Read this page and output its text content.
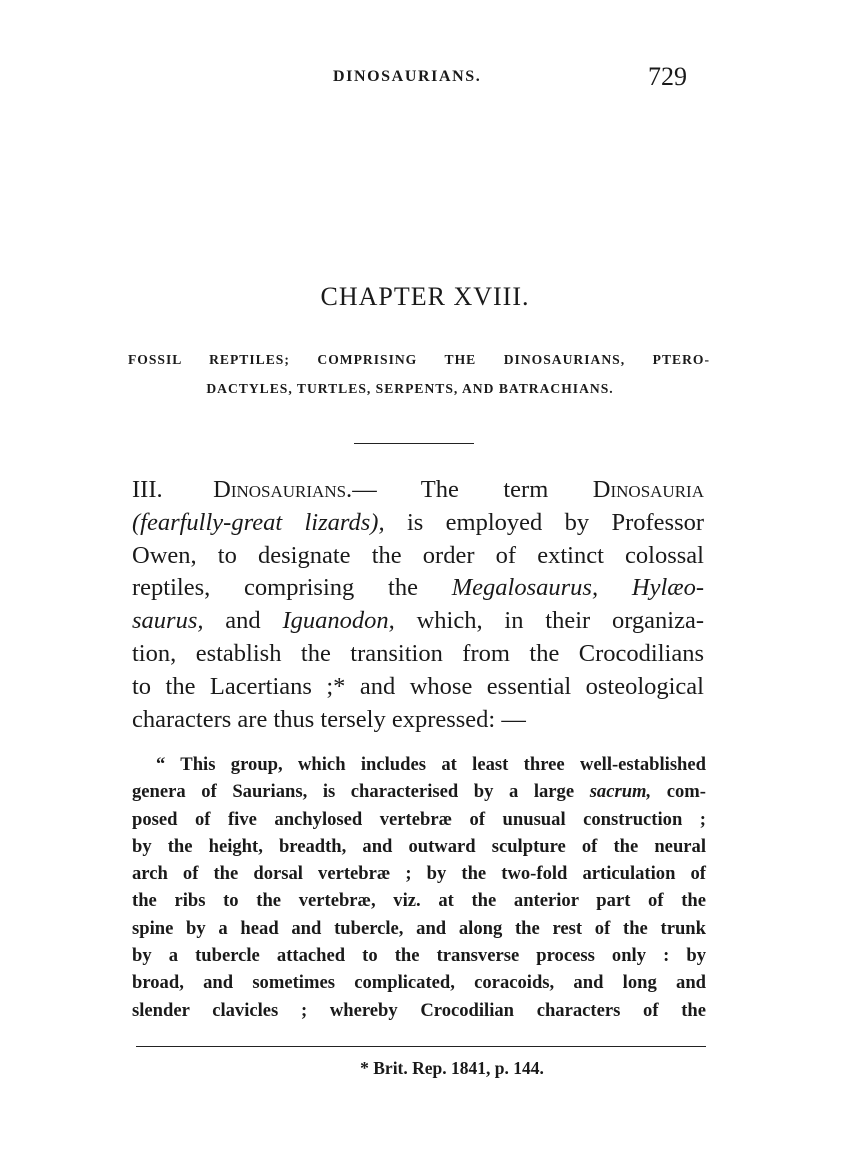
DINOSAURIANS.	729
CHAPTER XVIII.
FOSSIL REPTILES; COMPRISING THE DINOSAURIANS, PTERO-
DACTYLES, TURTLES, SERPENTS, AND BATRACHIANS.
III. Dinosaurians.— The term Dinosauria
(fearfully-great lizards), is employed by Professor
Owen, to designate the order of extinct colossal
reptiles, comprising the Megalosaurus, Hylæo-
saurus, and Iguanodon, which, in their organiza-
tion, establish the transition from the Crocodilians
to the Lacertians ;* and whose essential osteological
characters are thus tersely expressed: —
“ This group, which includes at least three well-established
genera of Saurians, is characterised by a large sacrum, com-
posed of five anchylosed vertebræ of unusual construction ;
by the height, breadth, and outward sculpture of the neural
arch of the dorsal vertebræ ; by the two-fold articulation of
the ribs to the vertebræ, viz. at the anterior part of the
spine by a head and tubercle, and along the rest of the trunk
by a tubercle attached to the transverse process only : by
broad, and sometimes complicated, coracoids, and long and
slender clavicles ; whereby Crocodilian characters of the
* Brit. Rep. 1841, p. 144.
